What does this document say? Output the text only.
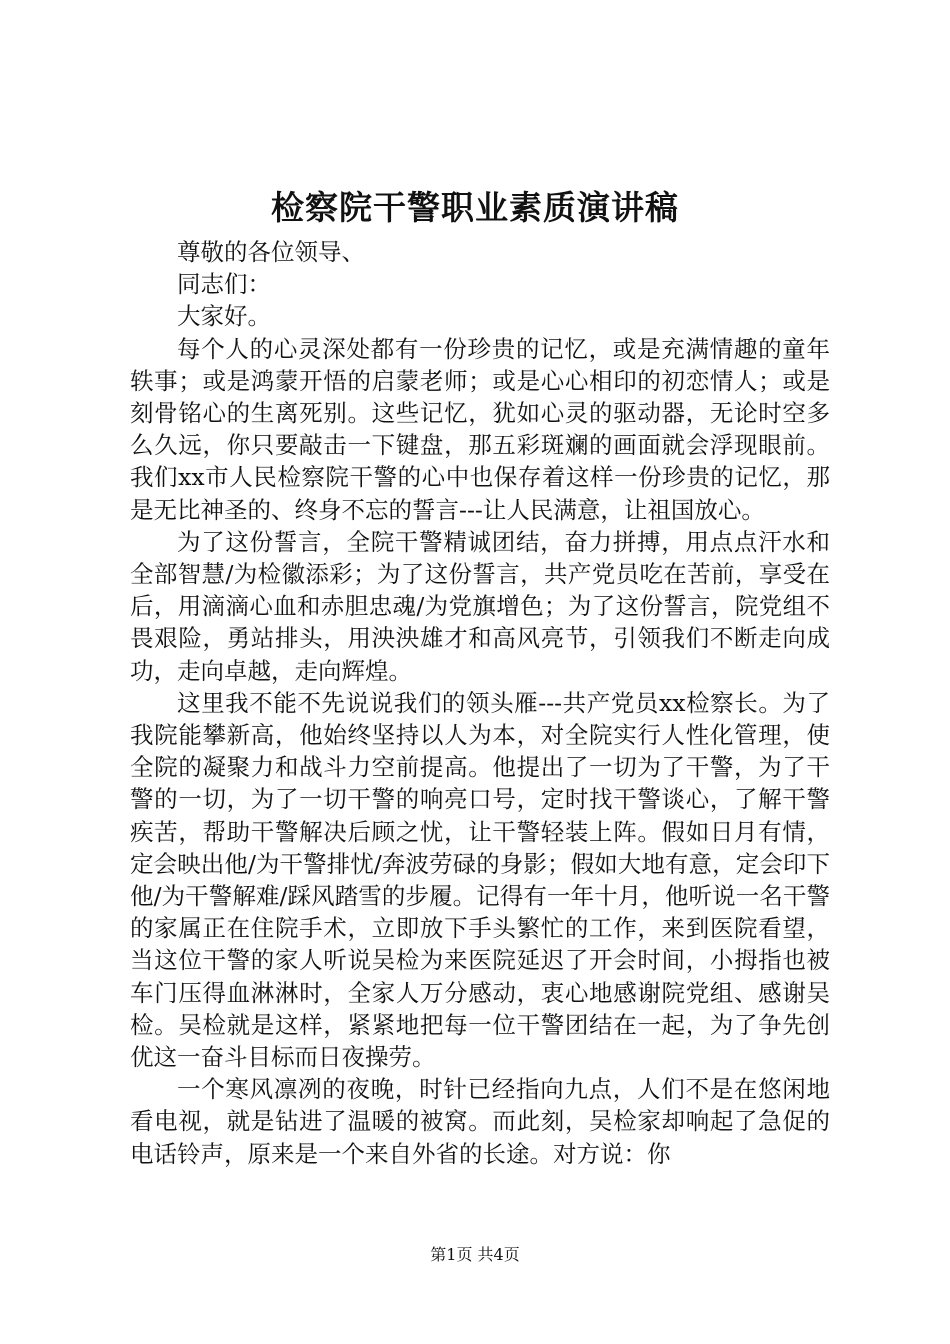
检察院干警职业素质演讲稿

尊敬的各位领导、

同志们：

大家好。

每个人的心灵深处都有一份珍贵的记忆，或是充满情趣的童年轶事；或是鸿蒙开悟的启蒙老师；或是心心相印的初恋情人；或是刻骨铭心的生离死别。这些记忆，犹如心灵的驱动器，无论时空多么久远，你只要敲击一下键盘，那五彩斑斓的画面就会浮现眼前。我们xx市人民检察院干警的心中也保存着这样一份珍贵的记忆，那是无比神圣的、终身不忘的誓言---让人民满意，让祖国放心。

为了这份誓言，全院干警精诚团结，奋力拼搏，用点点汗水和全部智慧/为检徽添彩；为了这份誓言，共产党员吃在苦前，享受在后，用滴滴心血和赤胆忠魂/为党旗增色；为了这份誓言，院党组不畏艰险，勇站排头，用泱泱雄才和高风亮节，引领我们不断走向成功，走向卓越，走向辉煌。

这里我不能不先说说我们的领头雁---共产党员xx检察长。为了我院能攀新高，他始终坚持以人为本，对全院实行人性化管理，使全院的凝聚力和战斗力空前提高。他提出了一切为了干警，为了干警的一切，为了一切干警的响亮口号，定时找干警谈心，了解干警疾苦，帮助干警解决后顾之忧，让干警轻装上阵。假如日月有情，定会映出他/为干警排忧/奔波劳碌的身影；假如大地有意，定会印下他/为干警解难/踩风踏雪的步履。记得有一年十月，他听说一名干警的家属正在住院手术，立即放下手头繁忙的工作，来到医院看望，当这位干警的家人听说吴检为来医院延迟了开会时间，小拇指也被车门压得血淋淋时，全家人万分感动，衷心地感谢院党组、感谢吴检。吴检就是这样，紧紧地把每一位干警团结在一起，为了争先创优这一奋斗目标而日夜操劳。

一个寒风凛冽的夜晚，时针已经指向九点，人们不是在悠闲地看电视，就是钻进了温暖的被窝。而此刻，吴检家却响起了急促的电话铃声，原来是一个来自外省的长途。对方说：你

第1页 共4页
